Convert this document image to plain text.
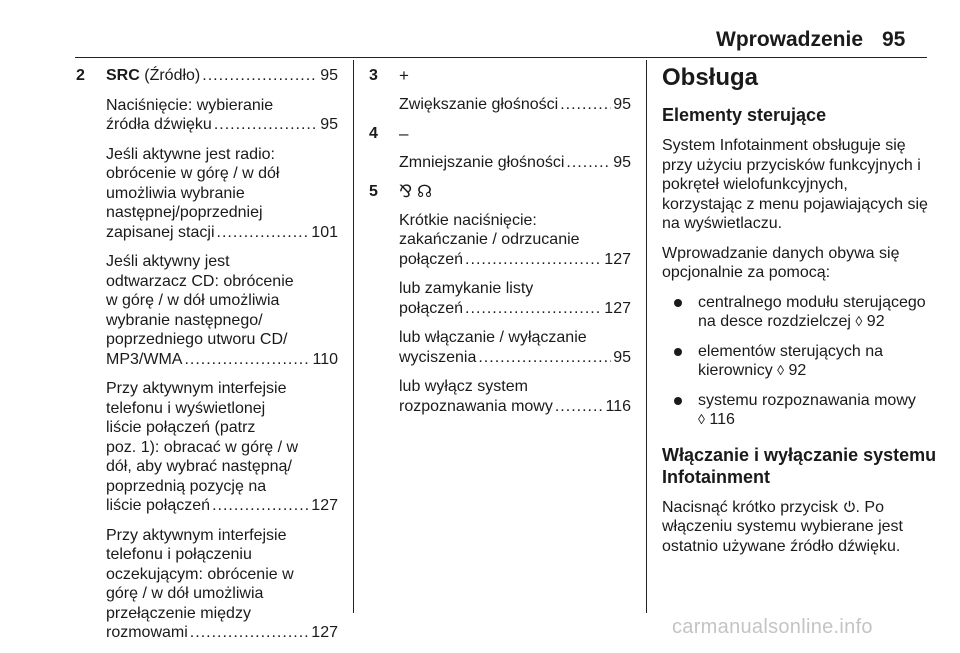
Wprowadzenie 95
2 SRC (Źródło) .....	95
Naciśnięcie: wybieranie
źródła dźwięku .....	95
Jeśli aktywne jest radio:
obrócenie w górę / w dół
umożliwia wybranie
następnej/poprzedniej
zapisanej stacji .....	101
Jeśli aktywny jest
odtwarzacz CD: obrócenie
w górę / w dół umożliwia
wybranie następnego/
poprzedniego utworu CD/
MP3/WMA .....	110
Przy aktywnym interfejsie
telefonu i wyświetlonej
liście połączeń (patrz
poz. 1): obracać w górę / w
dół, aby wybrać następną/
poprzednią pozycję na
liście połączeń .....	127
Przy aktywnym interfejsie
telefonu i połączeniu
oczekującym: obrócenie w
górę / w dół umożliwia
przełączenie między
rozmowami .....	127
3 +
Zwiększanie głośności .....	95
4 –
Zmniejszanie głośności .....	95
5 ⅋ ☊
Krótkie naciśnięcie:
zakańczanie / odrzucanie
połączeń .....	127
lub zamykanie listy
połączeń .....	127
lub włączanie / wyłączanie
wyciszenia .....	95
lub wyłącz system
rozpoznawania mowy .....	116
Obsługa
Elementy sterujące
System Infotainment obsługuje się
przy użyciu przycisków funkcyjnych i
pokręteł wielofunkcyjnych,
korzystając z menu pojawiających się
na wyświetlaczu.
Wprowadzanie danych obywa się
opcjonalnie za pomocą:
centralnego modułu sterującego
na desce rozdzielczej ◊ 92
elementów sterujących na
kierownicy ◊ 92
systemu rozpoznawania mowy
◊ 116
Włączanie i wyłączanie systemu
Infotainment
Nacisnąć krótko przycisk . Po
włączeniu systemu wybierane jest
ostatnio używane źródło dźwięku.
carmanualsonline.info
